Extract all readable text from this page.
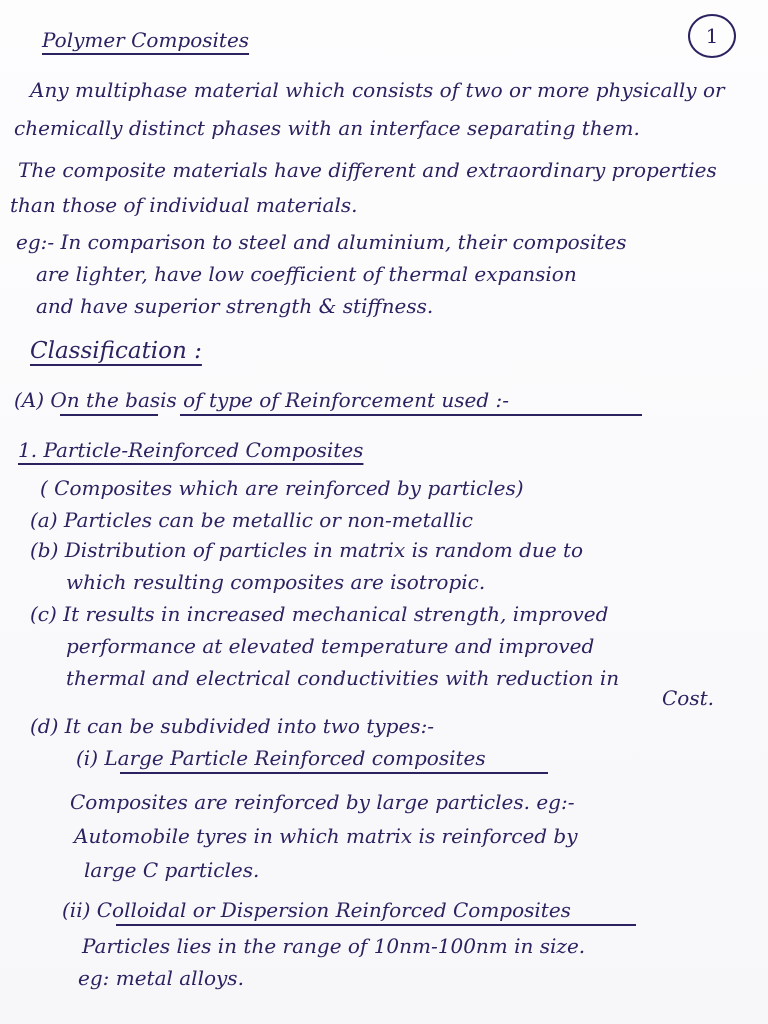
1
Polymer Composites
Any multiphase material which consists of two or more physically or
chemically distinct phases with an interface separating them.
The composite materials have different and extraordinary properties
than those of individual materials.
eg:- In comparison to steel and aluminium, their composites
are lighter, have low coefficient of thermal expansion
and have superior strength & stiffness.
Classification :
(A) On the basis of type of Reinforcement used :-
1. Particle-Reinforced Composites
( Composites which are reinforced by particles)
(a) Particles can be metallic or non-metallic
(b) Distribution of particles in matrix is random due to
which resulting composites are isotropic.
(c) It results in increased mechanical strength, improved
performance at elevated temperature and improved
thermal and electrical conductivities with reduction in
Cost.
(d) It can be subdivided into two types:-
(i) Large Particle Reinforced composites
Composites are reinforced by large particles. eg:-
Automobile tyres in which matrix is reinforced by
large C particles.
(ii) Colloidal or Dispersion Reinforced Composites
Particles lies in the range of 10nm-100nm in size.
eg: metal alloys.
